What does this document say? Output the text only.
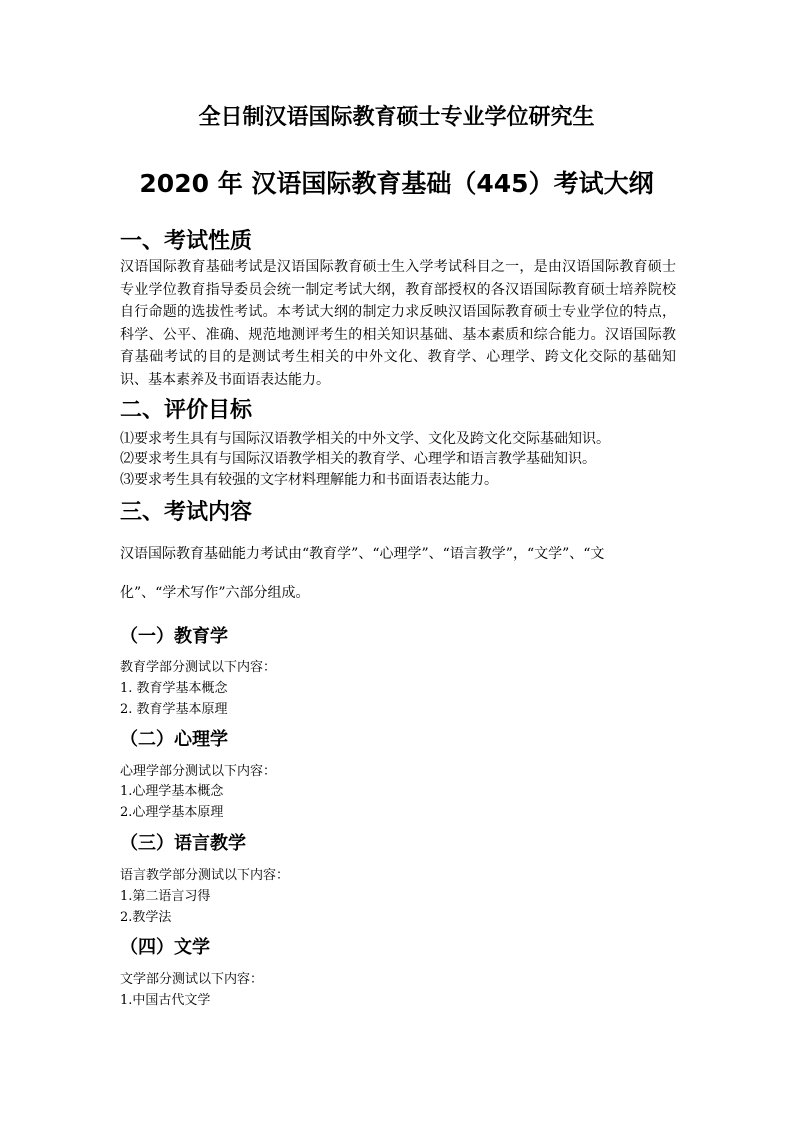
全日制汉语国际教育硕士专业学位研究生
2020 年 汉语国际教育基础（445）考试大纲
一、考试性质
汉语国际教育基础考试是汉语国际教育硕士生入学考试科目之一，是由汉语国际教育硕士专业学位教育指导委员会统一制定考试大纲，教育部授权的各汉语国际教育硕士培养院校自行命题的选拔性考试。本考试大纲的制定力求反映汉语国际教育硕士专业学位的特点，科学、公平、准确、规范地测评考生的相关知识基础、基本素质和综合能力。汉语国际教育基础考试的目的是测试考生相关的中外文化、教育学、心理学、跨文化交际的基础知识、基本素养及书面语表达能力。
二、评价目标
⑴要求考生具有与国际汉语教学相关的中外文学、文化及跨文化交际基础知识。
⑵要求考生具有与国际汉语教学相关的教育学、心理学和语言教学基础知识。
⑶要求考生具有较强的文字材料理解能力和书面语表达能力。
三、考试内容
汉语国际教育基础能力考试由“教育学”、“心理学”、“语言教学”，“文学”、“文
化”、“学术写作”六部分组成。
（一）教育学
教育学部分测试以下内容：
1. 教育学基本概念
2. 教育学基本原理
（二）心理学
心理学部分测试以下内容：
1.心理学基本概念
2.心理学基本原理
（三）语言教学
语言教学部分测试以下内容：
1.第二语言习得
2.教学法
（四）文学
文学部分测试以下内容：
1.中国古代文学
